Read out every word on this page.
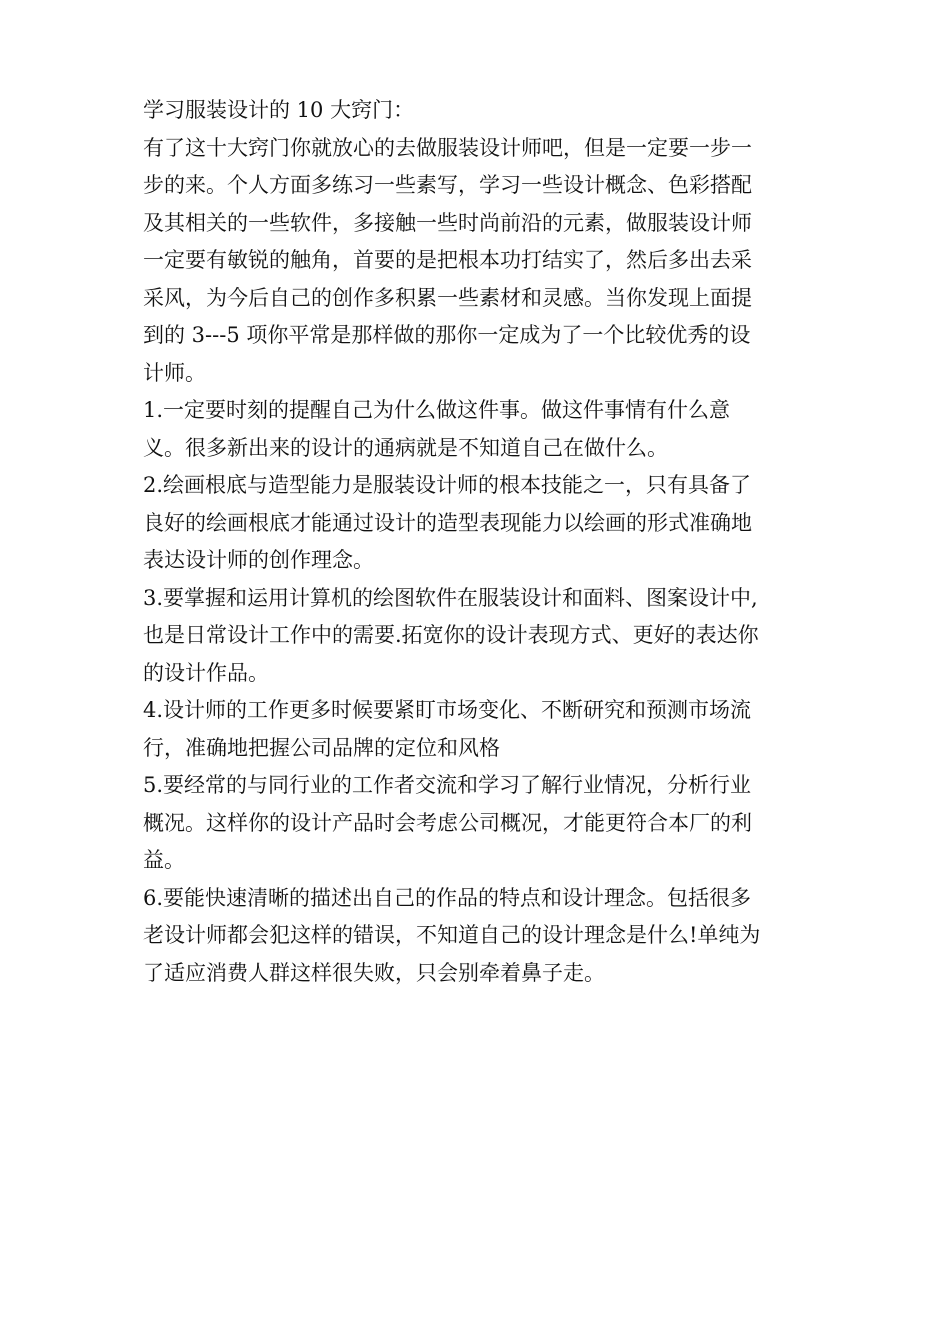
学习服装设计的 10 大窍门：
有了这十大窍门你就放心的去做服装设计师吧，但是一定要一步一
步的来。个人方面多练习一些素写，学习一些设计概念、色彩搭配
及其相关的一些软件，多接触一些时尚前沿的元素，做服装设计师
一定要有敏锐的触角，首要的是把根本功打结实了，然后多出去采
采风，为今后自己的创作多积累一些素材和灵感。当你发现上面提
到的 3---5 项你平常是那样做的那你一定成为了一个比较优秀的设
计师。
1.一定要时刻的提醒自己为什么做这件事。做这件事情有什么意
义。很多新出来的设计的通病就是不知道自己在做什么。
2.绘画根底与造型能力是服装设计师的根本技能之一，只有具备了
良好的绘画根底才能通过设计的造型表现能力以绘画的形式准确地
表达设计师的创作理念。
3.要掌握和运用计算机的绘图软件在服装设计和面料、图案设计中,
也是日常设计工作中的需要.拓宽你的设计表现方式、更好的表达你
的设计作品。
4.设计师的工作更多时候要紧盯市场变化、不断研究和预测市场流
行，准确地把握公司品牌的定位和风格
5.要经常的与同行业的工作者交流和学习了解行业情况，分析行业
概况。这样你的设计产品时会考虑公司概况，才能更符合本厂的利
益。
6.要能快速清晰的描述出自己的作品的特点和设计理念。包括很多
老设计师都会犯这样的错误，不知道自己的设计理念是什么!单纯为
了适应消费人群这样很失败，只会别牵着鼻子走。
